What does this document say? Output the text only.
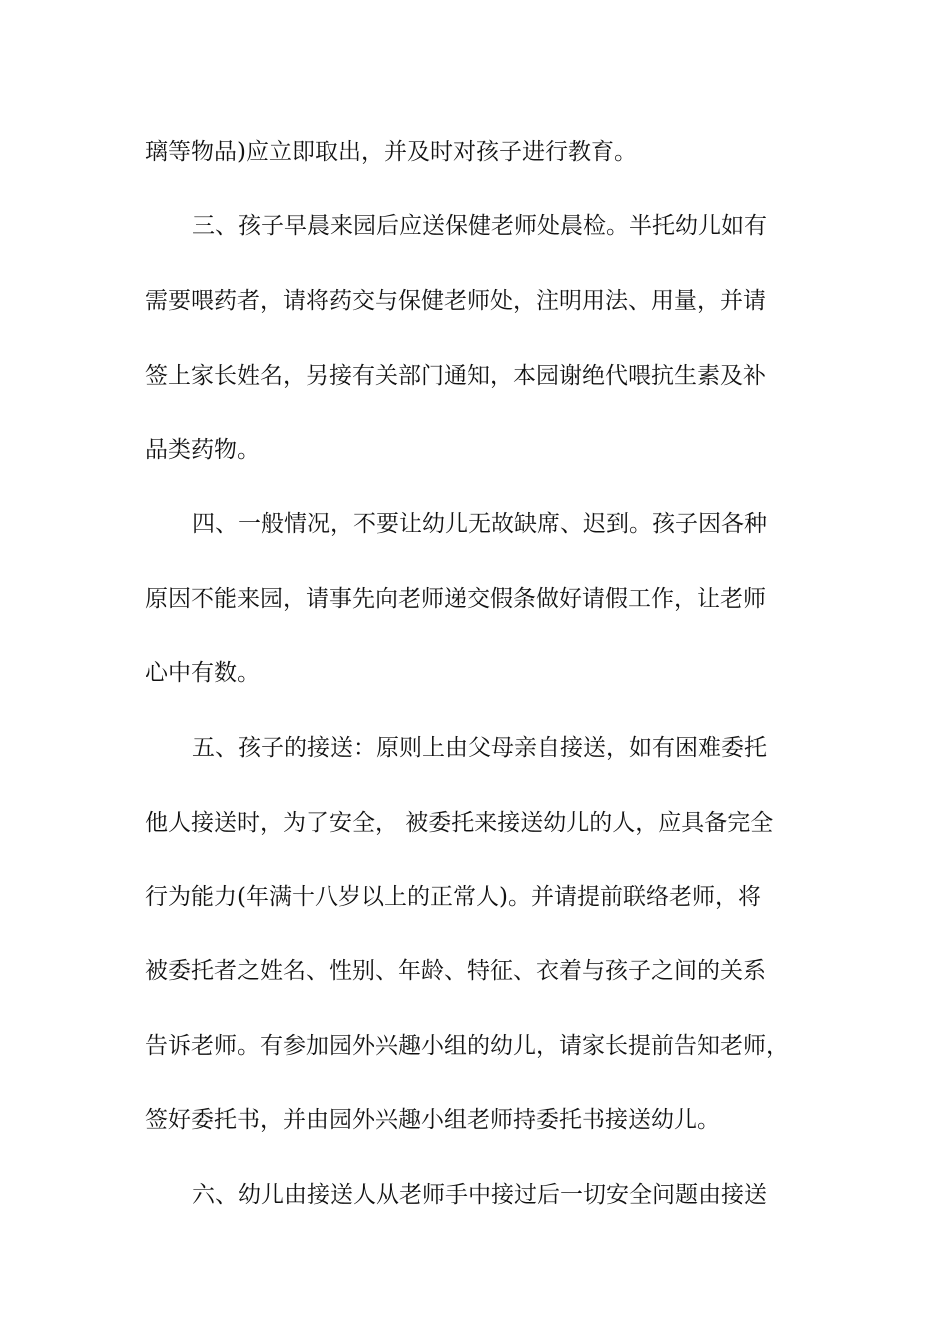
璃等物品)应立即取出，并及时对孩子进行教育。
三、孩子早晨来园后应送保健老师处晨检。半托幼儿如有
需要喂药者，请将药交与保健老师处，注明用法、用量，并请
签上家长姓名，另接有关部门通知，本园谢绝代喂抗生素及补
品类药物。
四、一般情况，不要让幼儿无故缺席、迟到。孩子因各种
原因不能来园，请事先向老师递交假条做好请假工作，让老师
心中有数。
五、孩子的接送：原则上由父母亲自接送，如有困难委托
他人接送时，为了安全， 被委托来接送幼儿的人，应具备完全
行为能力(年满十八岁以上的正常人)。并请提前联络老师，将
被委托者之姓名、性别、年龄、特征、衣着与孩子之间的关系
告诉老师。有参加园外兴趣小组的幼儿，请家长提前告知老师，
签好委托书，并由园外兴趣小组老师持委托书接送幼儿。
六、幼儿由接送人从老师手中接过后一切安全问题由接送
